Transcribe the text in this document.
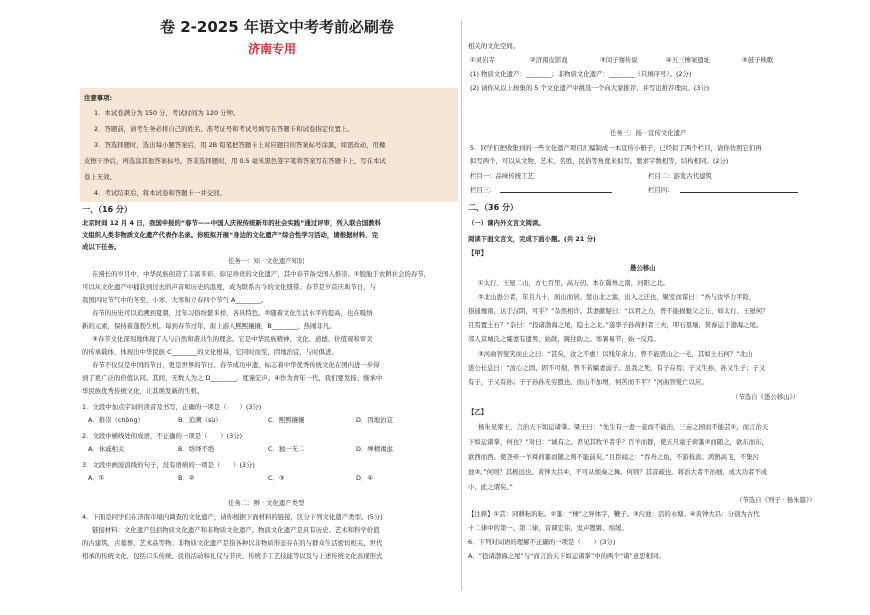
卷 2-2025 年语文中考考前必刷卷
济南专用
注意事项:
1．本试卷满分为 150 分，考试时间为 120 分钟。
2．答题前，请考生务必将自己的姓名、准考证号和考试号填写在答题卡和试卷指定位置上。
3．答选择题时，选出每小题答案后，用 2B 铅笔把答题卡上对应题目的答案标号涂黑，如需改动，用橡
皮擦干净后，再选涂其他答案标号。答非选择题时，用 0.5 毫米黑色签字笔将答案写在答题卡上，写在本试
卷上无效。
4．考试结束后，将本试卷和答题卡一并交回。
一、（16 分）
北京时间 12 月 4 日，我国申报的“春节——中国人庆祝传统新年的社会实践”通过评审，列入联合国教科
文组织人类非物质文化遗产代表作名录。你班拟开展“身边的文化遗产”综合性学习活动，请根据材料，完
成以下任务。
任务一：知 · 文化遗产知识
在漫长的岁月中，中华民族创造了丰富多彩、弥足珍贵的文化遗产，其中春节备受国人推崇。①脱胎于农耕社会的春节，
可以从文化遗产中捕获到过去的声音和历史的温度，成为联系古今的文化纽带。春节是岁首庆典节日，与
我国四时节气中的冬至、小寒、大寒和立春四个节气 A________。
春节的历史可以追溯到夏朝，过年习俗纷繁多样，各具特色。②随着文化生活水平的提高，也在吸纳
新的元素，保持着蓬勃生机。每到春节过年，街上游人熙熙攘攘，B________，热闹非凡。
③春节文化深刻地体现了人与自然和谐共生的理念。它是中华民族精神、文化、道德、价值观和审美
的传承载体，体现出中华民族 C________的文化根基，它同时而至，因地治宜，与时俱进。
春节不仅仅是中国的节日，更是世界的节日。春节成功申遗，标志着中华优秀传统文化在国内进一步得
到了更广泛的价值认同。其间，无数人为之 D________，度谨宏声。④作为青年一代，我们要发扬、继承中
华民族优秀传统文化，让其焕发新的生机。
1．文段中加点字词的读音及书写，正确的一项是（　　）(3分)
A．推崇（chǒng）	B．追溯（sù）	C．熙熙攘攘	D．因地治宜
2．文段中横线处的成语，不正确的一项是（　　）(3分)
A．休戚相关	B．络绎不绝	C．独一无二	D．殚精竭虑
3．文段中画波浪线的句子，没有语病的一项是（　　）(3分)
A．①	B．②	C．③	D．④
任务二：辨 · 文化遗产类型
4．下面是同学们在济南市境内调查的文化遗产，请你根据下面材料的链接，区分下列文化遗产类型。(5分)
链接材料：文化遗产包括物质文化遗产和非物质文化遗产。物质文化遗产是具有历史、艺术和科学价值
的古建筑、古墓葬、艺术品等物；非物质文化遗产是指各种以非物质形态存在的与群众生活密切相关、世代
相承的传统文化，包括口头传统、民俗活动和礼仪与节庆、传统手工艺技能等以及与上述传统文化表现形式
相关的文化空间。
①灵岩寺	②济南皮影戏	③闵子骞传说	④五三惨案遗址	⑤鼓子秧歌
(1) 物质文化遗产：________；非物质文化遗产：________（只填序号）。(2分)
(2) 请你从以上按集的 5 个文化遗产中挑选一个向大家推荐，并写出推荐理由。(3分)
任务三：扬 · 宣传文化遗产
5．同学们把收集到的一些文化遗产项目汇编制成一本宣传小册子，已经拟了两个栏目，请你仿照它们再
拟写两个，可以从文物、艺术、名胜、民俗等角度来拟写。要求字数相等，结构相同。(2分)
栏目一：品味传统工艺	栏目二：游览古代建筑
栏目三：	栏目四：
二、（36 分）
（一）课内外文言文阅读。
阅读下面文言文，完成下面小题。(共 21 分)
【甲】
愚公移山
①太行、王屋二山，方七百里，高万仞。本在冀州之南，河阳之北。
②北山愚公者，年且九十，面山而居。惩山北之塞，出入之迂也，聚室而谋曰：“吾与汝毕力平险，
指通豫南，达于汉阴，可乎？”杂然相许。其妻献疑曰：“以君之力，曾不能损魁父之丘，如太行、王屋何？
且焉置土石？”杂曰：“投诸渤海之尾，隐土之北。”遂率子孙荷担者三夫，叩石垦壤，箕畚运于渤海之尾。
邻人京城氏之孀妻有遗男，始龀，跳往助之。寒暑易节，始一反焉。
③河曲智叟笑而止之曰：“甚矣，汝之不惠！以残年余力，曾不能毁山之一毛，其如土石何？”北山
愚公长息曰：“汝心之固，固不可彻，曾不若孀妻弱子。虽我之死，有子存焉；子又生孙，孙又生子；子又
有子，子又有孙；子子孙孙无穷匮也，而山不加增，何苦而不平？”河曲智叟亡以应。
（节选自《愚公移山》）
【乙】
杨朱见梁王，言治天下如运诸掌。梁王曰：“先生有一妻一妾而不能治，三亩之园而不能芸①，而言治天
下如运诸掌，何也？”对曰：“诚有之。君见其牧羊者乎？百羊而群，使五尺童子荷箠②而随之，欲东而东，
欲西而西。使尧牵一羊舜荷箠而随之则不能前矣。”且臣闻之：“吞舟之鱼，不游枝流；鸿鹄高飞，不集污
池③。”何则？其极远也。黄钟大吕④，不可从烦奏之舞。何则？其音疏也。将治大者不治细，成大功者不成
小，此之谓矣。”
（节选自《列子 · 杨朱篇》）
【注释】①芸：同耕耘的耘。②箠：“棰”之异体字，鞭子。③污池：活的水塘。④黄钟大吕：分别为古代
十二律中的第一、第二律，音调宏伟，发声铿锵、绵缓。
6．下列对词语的理解不正确的一项是（　　）(3分)
A．“投诸渤海之尾”与“而言治天下如运诸掌”中的两个“诸”意思相同。
